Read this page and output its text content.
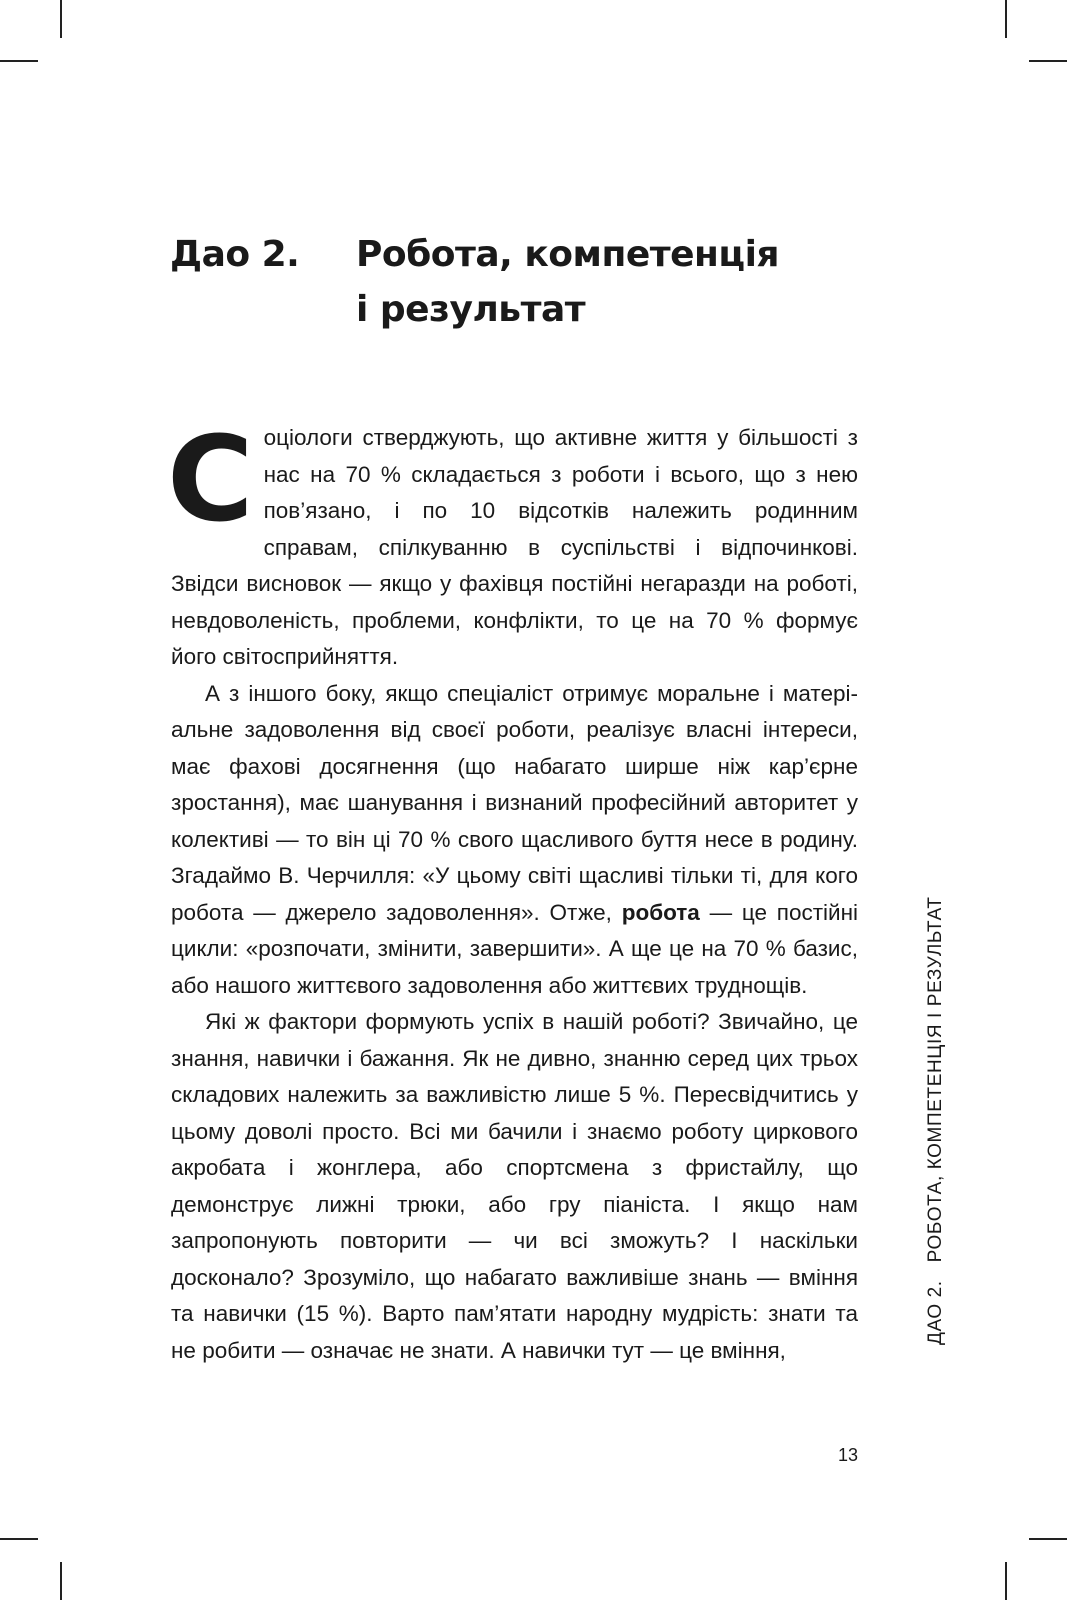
Дао 2. Робота, компетенція
і результат

Соціологи стверджують, що активне життя у більшості з нас на 70 % складається з роботи і всього, що з нею пов’язано, і по 10 відсотків належить родинним справам, спілкуванню в суспільстві і відпочинкові. Звідси висновок — якщо у фахівця постійні негаразди на роботі, невдоволеність, проблеми, конфлікти, то це на 70 % формує його світосприйняття.

А з іншого боку, якщо спеціаліст отримує моральне і матеріальне задоволення від своєї роботи, реалізує власні інтереси, має фахові досягнення (що набагато ширше ніж кар’єрне зростання), має шанування і визнаний професійний авторитет у колективі — то він ці 70 % свого щасливого буття несе в родину. Згадаймо В. Черчилля: «У цьому світі щасливі тільки ті, для кого робота — джерело задоволення». Отже, робота — це постійні цикли: «розпочати, змінити, завершити». А ще це на 70 % базис, або нашого життєвого задоволення або життєвих труднощів.

Які ж фактори формують успіх в нашій роботі? Звичайно, це знання, навички і бажання. Як не дивно, знанню серед цих трьох складових належить за важливістю лише 5 %. Пересвідчитись у цьому доволі просто. Всі ми бачили і знаємо роботу циркового акробата і жонглера, або спортсмена з фристайлу, що демонструє лижні трюки, або гру піаніста. І якщо нам запропонують повторити — чи всі зможуть? І наскільки досконало? Зрозуміло, що набагато важливіше знань — вміння та навички (15 %). Варто пам’ятати народну мудрість: знати та не робити — означає не знати. А навички тут — це вміння,

ДАО 2.РОБОТА, КОМПЕТЕНЦІЯ І РЕЗУЛЬТАТ
13
